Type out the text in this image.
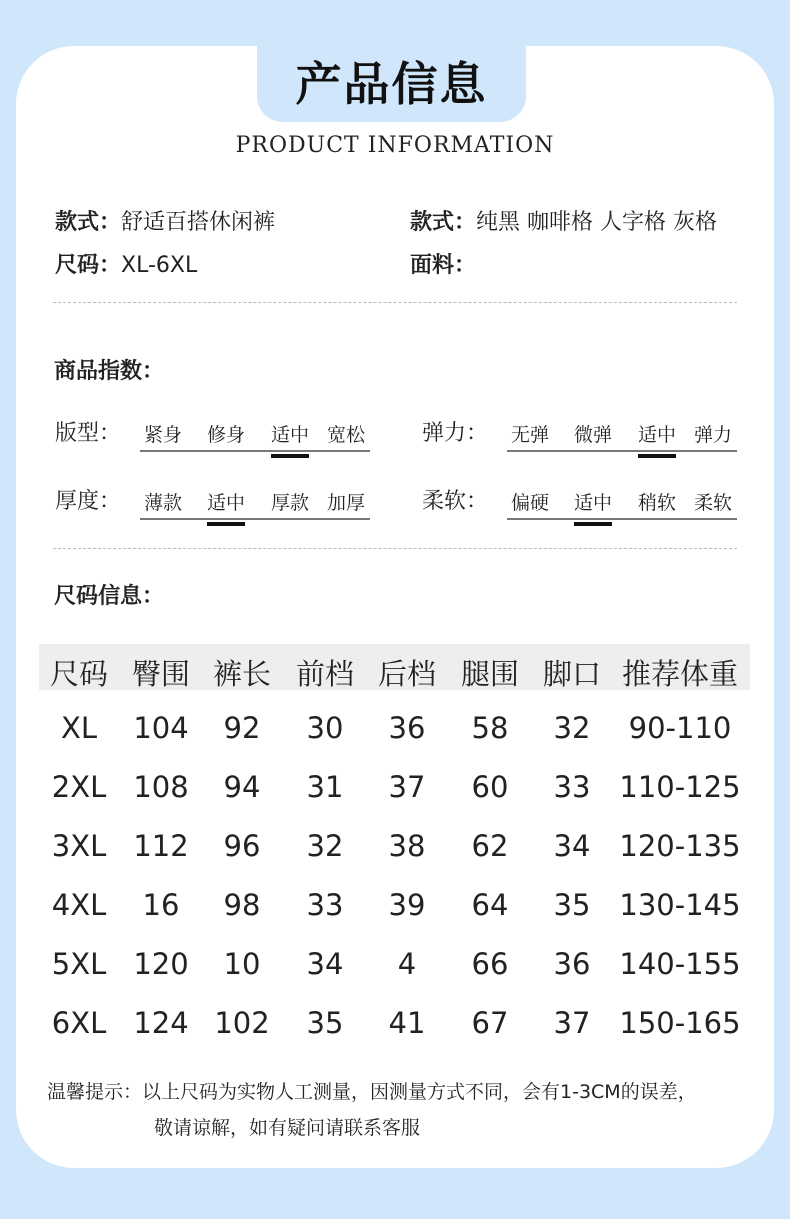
产品信息
PRODUCT INFORMATION
款式：舒适百搭休闲裤	款式：纯黑 咖啡格 人字格 灰格
尺码：XL-6XL	面料：
商品指数：
版型： 紧身 修身 适中 宽松	弹力： 无弹 微弹 适中 弹力
厚度： 薄款 适中 厚款 加厚	柔软： 偏硬 适中 稍软 柔软
尺码信息：
尺码 臀围 裤长 前档 后档 腿围 脚口 推荐体重
XL	104	92	30	36	58	32	90-110
2XL 108	94	31	37	60	33 110-125
3XL 112	96	32	38	62	34 120-135
4XL	16	98	33	39	64	35 130-145
5XL 120	10	34	4	66	36 140-155
6XL 124 102	35	41	67	37 150-165
温馨提示：以上尺码为实物人工测量，因测量方式不同，会有1-3CM的误差，
敬请谅解，如有疑问请联系客服
